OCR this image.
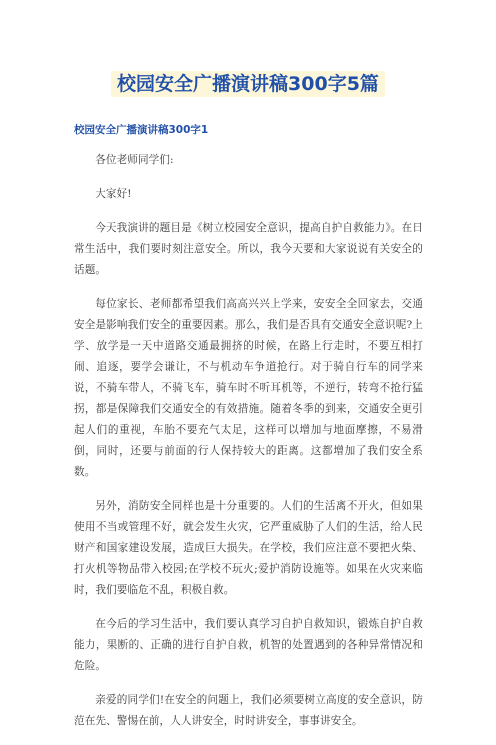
校园安全广播演讲稿300字5篇
校园安全广播演讲稿300字1

各位老师同学们:

大家好!

今天我演讲的题目是《树立校园安全意识，提高自护自救能力》。在日常生活中，我们要时刻注意安全。所以，我今天要和大家说说有关安全的话题。

每位家长、老师都希望我们高高兴兴上学来，安安全全回家去，交通安全是影响我们安全的重要因素。那么，我们是否具有交通安全意识呢?上学、放学是一天中道路交通最拥挤的时候，在路上行走时，不要互相打闹、追逐，要学会谦让，不与机动车争道抢行。对于骑自行车的同学来说，不骑车带人，不骑飞车，骑车时不听耳机等，不逆行，转弯不抢行猛拐，都是保障我们交通安全的有效措施。随着冬季的到来，交通安全更引起人们的重视，车胎不要充气太足，这样可以增加与地面摩擦，不易滑倒，同时，还要与前面的行人保持较大的距离。这都增加了我们安全系数。

另外，消防安全同样也是十分重要的。人们的生活离不开火，但如果使用不当或管理不好，就会发生火灾，它严重威胁了人们的生活，给人民财产和国家建设发展，造成巨大损失。在学校，我们应注意不要把火柴、打火机等物品带入校园;在学校不玩火;爱护消防设施等。如果在火灾来临时，我们要临危不乱，积极自救。

在今后的学习生活中，我们要认真学习自护自救知识，锻炼自护自救能力，果断的、正确的进行自护自救，机智的处置遇到的各种异常情况和危险。

亲爱的同学们!在安全的问题上，我们必须要树立高度的安全意识，防范在先、警惕在前，人人讲安全，时时讲安全，事事讲安全。
